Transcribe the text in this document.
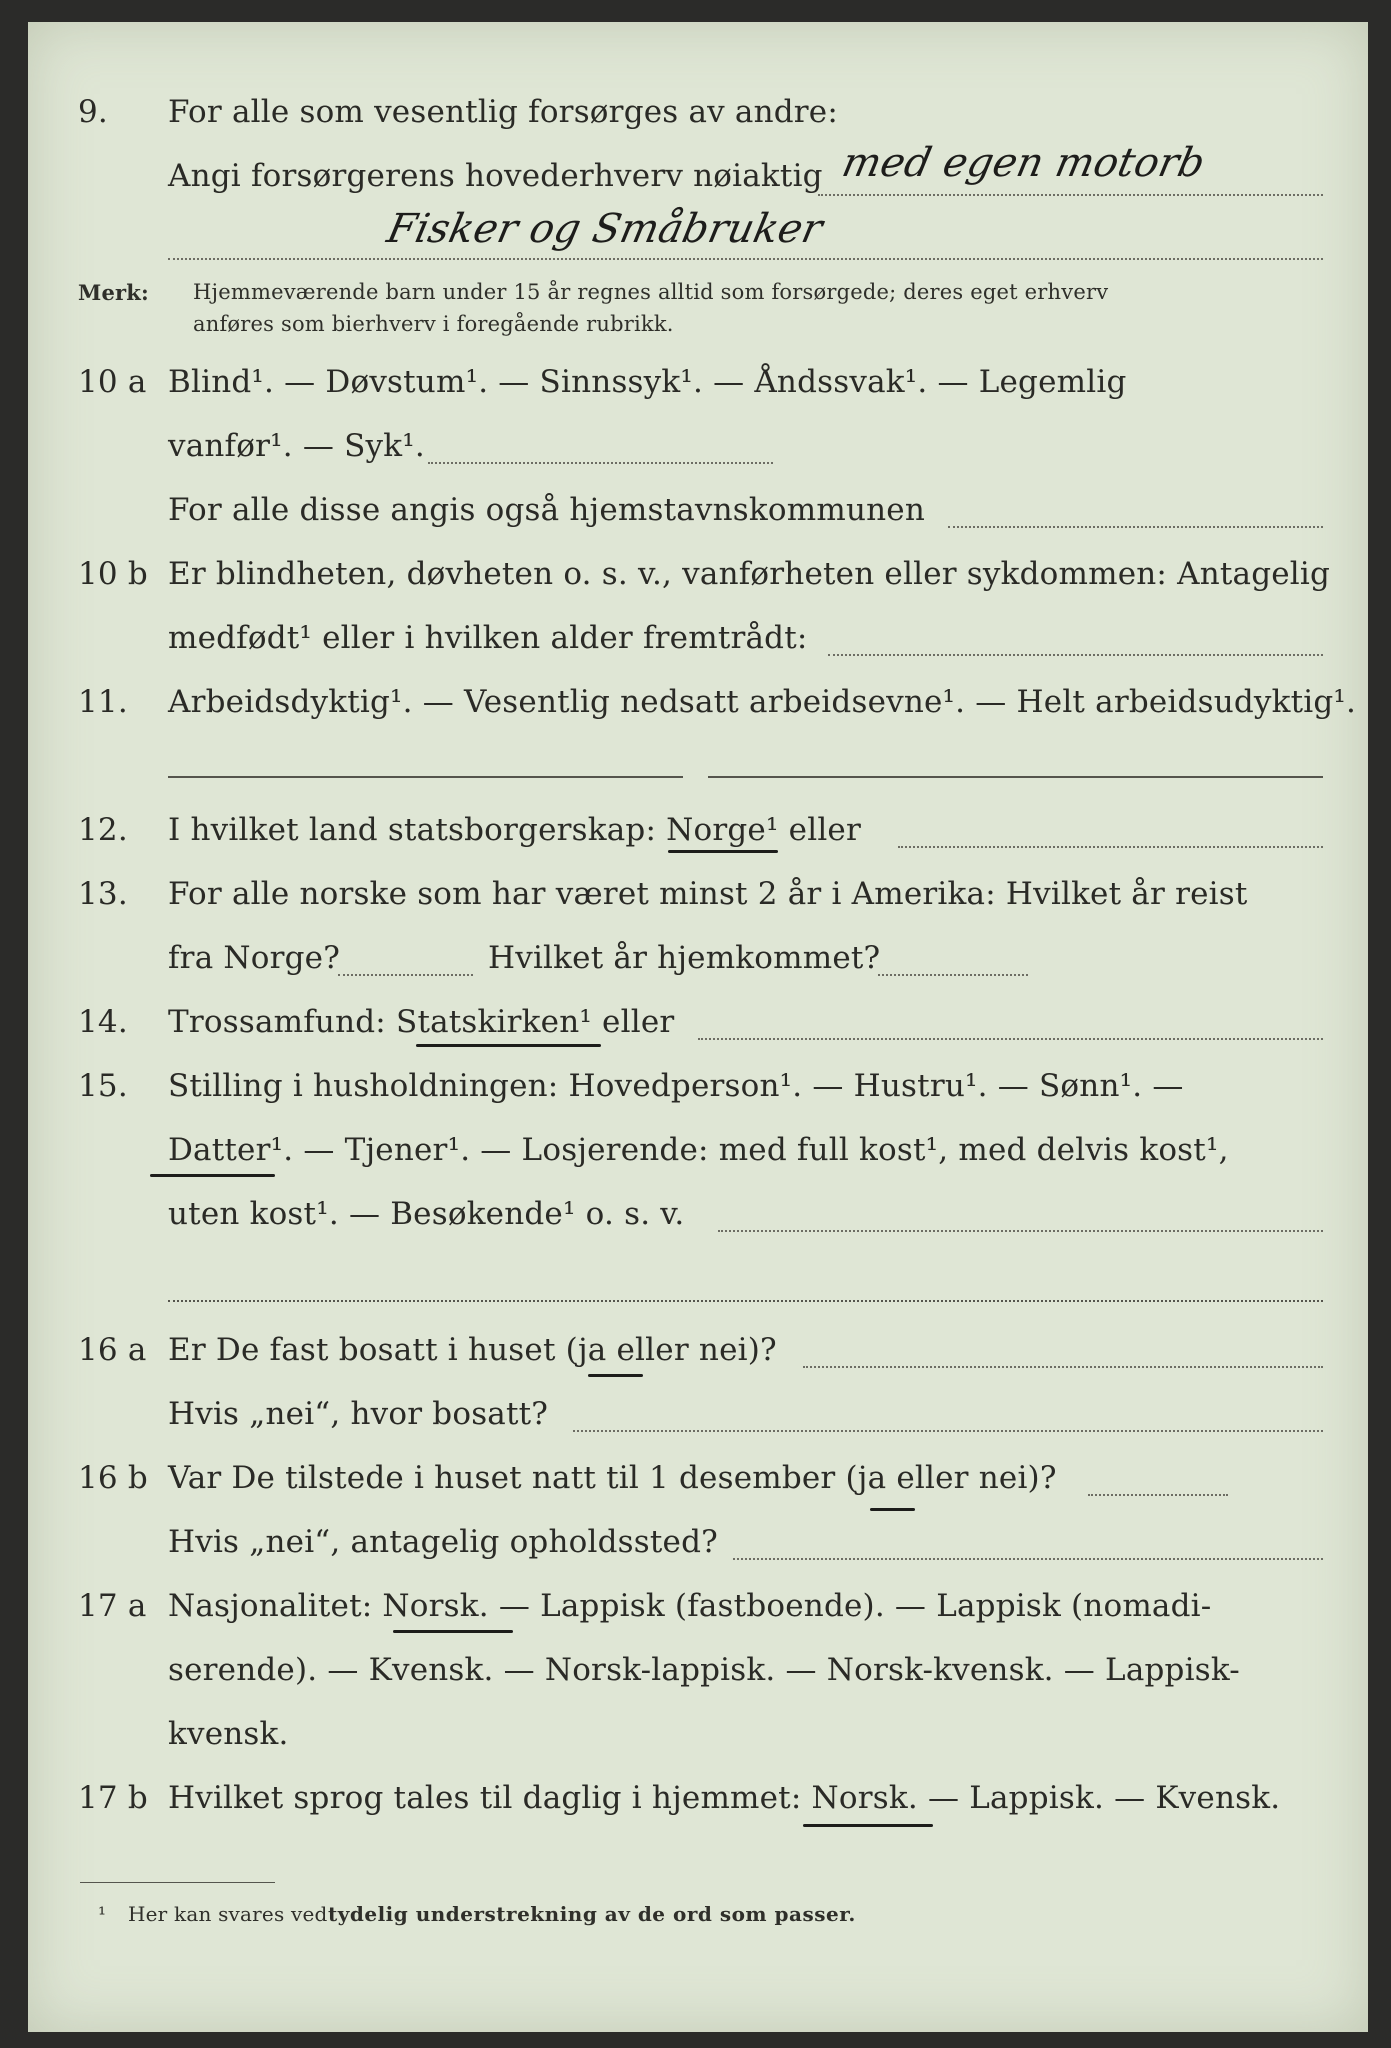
9. For alle som vesentlig forsørges av andre:
Angi forsørgerens hovederhverv nøiaktig med egen motorb
Fisker og Småbruker
Merk: Hjemmeværende barn under 15 år regnes alltid som forsørgede; deres eget erhverv
anføres som bierhverv i foregående rubrikk.
10 a Blind¹. — Døvstum¹. — Sinnssyk¹. — Åndssvak¹. — Legemlig
vanfør¹. — Syk¹.
For alle disse angis også hjemstavnskommunen
10 b Er blindheten, døvheten o. s. v., vanførheten eller sykdommen: Antagelig
medfødt¹ eller i hvilken alder fremtrådt:
11. Arbeidsdyktig¹. — Vesentlig nedsatt arbeidsevne¹. — Helt arbeidsudyktig¹.
12. I hvilket land statsborgerskap: Norge¹ eller
13. For alle norske som har været minst 2 år i Amerika: Hvilket år reist
fra Norge?	Hvilket år hjemkommet?
14. Trossamfund: Statskirken¹ eller
15. Stilling i husholdningen: Hovedperson¹. — Hustru¹. — Sønn¹. —
Datter¹. — Tjener¹. — Losjerende: med full kost¹, med delvis kost¹,
uten kost¹. — Besøkende¹ o. s. v.
16 a Er De fast bosatt i huset (ja eller nei)?
Hvis „nei“, hvor bosatt?
16 b Var De tilstede i huset natt til 1 desember (ja eller nei)?
Hvis „nei“, antagelig opholdssted?
17 a Nasjonalitet: Norsk. — Lappisk (fastboende). — Lappisk (nomadi-
serende). — Kvensk. — Norsk-lappisk. — Norsk-kvensk. — Lappisk-
kvensk.
17 b Hvilket sprog tales til daglig i hjemmet: Norsk. — Lappisk. — Kvensk.
¹ Her kan svares ved tydelig understrekning av de ord som passer.
